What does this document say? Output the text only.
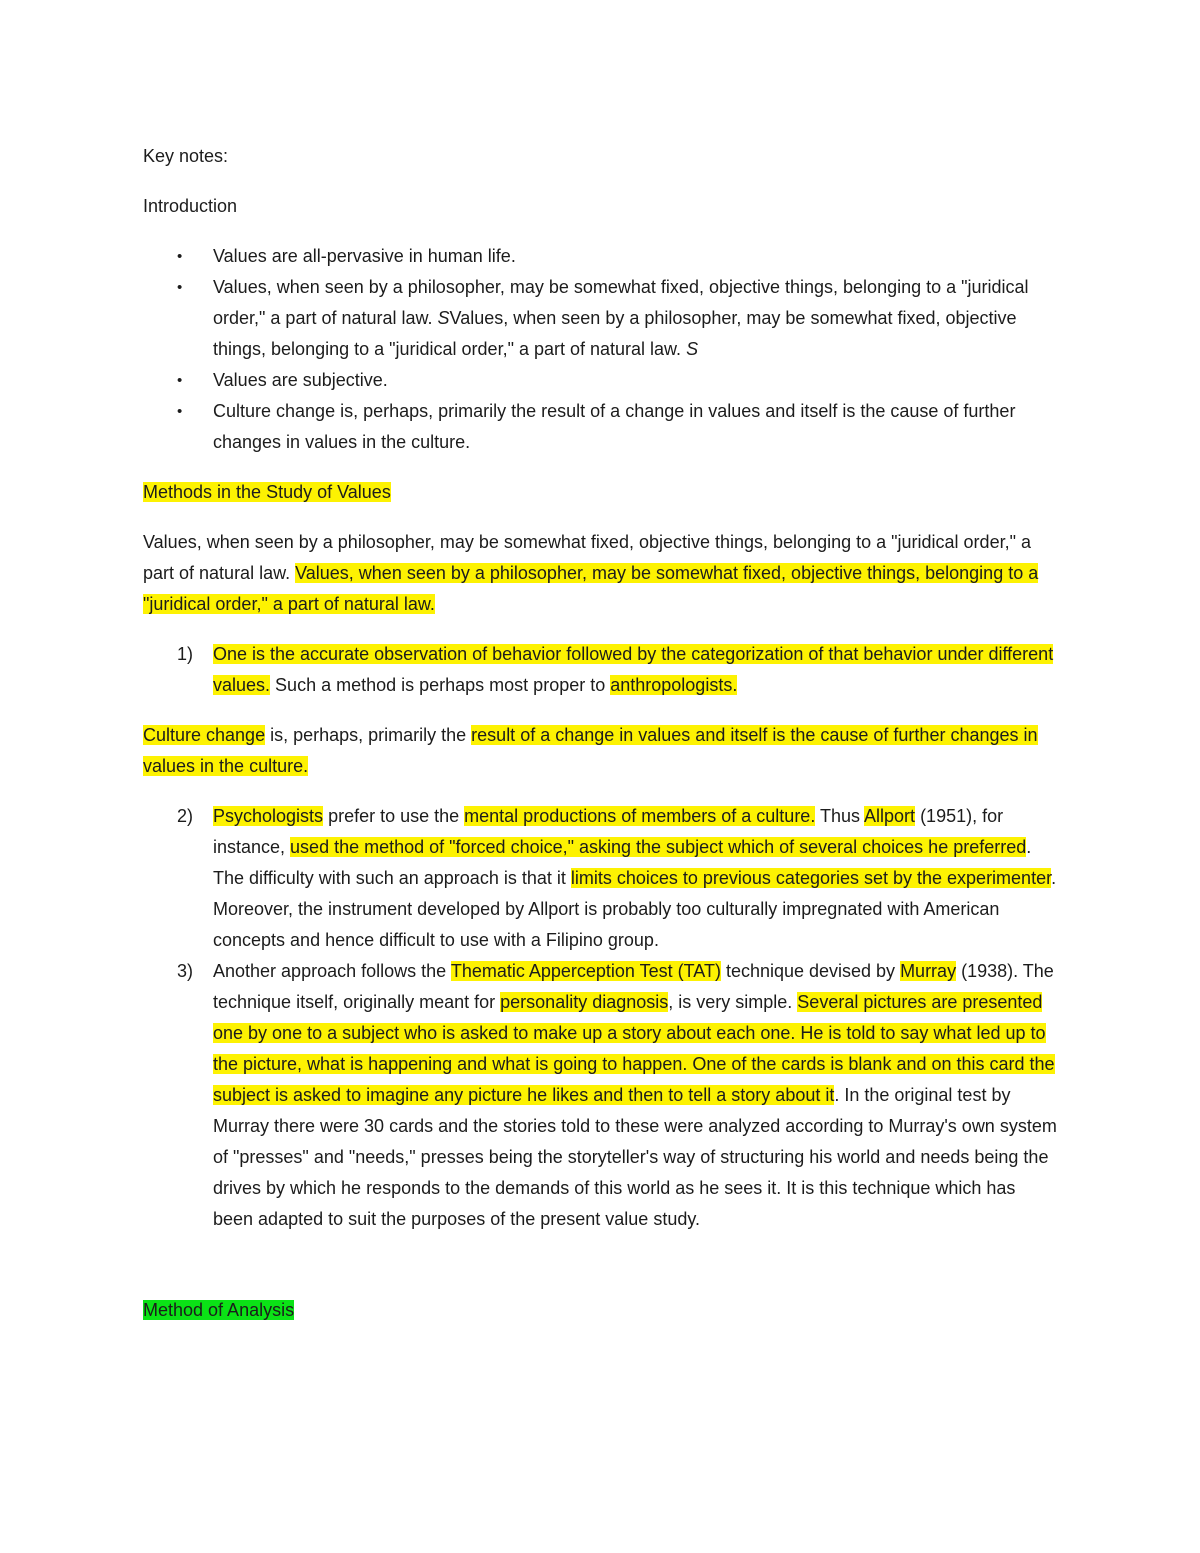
Key notes:

Introduction

• Values are all-pervasive in human life.
• Values, when seen by a philosopher, may be somewhat fixed, objective things, belonging to a "juridical order," a part of natural law. SValues, when seen by a philosopher, may be somewhat fixed, objective things, belonging to a "juridical order," a part of natural law. S
• Values are subjective.
• Culture change is, perhaps, primarily the result of a change in values and itself is the cause of further changes in values in the culture.

Methods in the Study of Values

Values, when seen by a philosopher, may be somewhat fixed, objective things, belonging to a "juridical order," a part of natural law. Values, when seen by a philosopher, may be somewhat fixed, objective things, belonging to a "juridical order," a part of natural law.

1) One is the accurate observation of behavior followed by the categorization of that behavior under different values. Such a method is perhaps most proper to anthropologists.

Culture change is, perhaps, primarily the result of a change in values and itself is the cause of further changes in values in the culture.

2) Psychologists prefer to use the mental productions of members of a culture. Thus Allport (1951), for instance, used the method of "forced choice," asking the subject which of several choices he preferred. The difficulty with such an approach is that it limits choices to previous categories set by the experimenter. Moreover, the instrument developed by Allport is probably too culturally impregnated with American concepts and hence difficult to use with a Filipino group.
3) Another approach follows the Thematic Apperception Test (TAT) technique devised by Murray (1938). The technique itself, originally meant for personality diagnosis, is very simple. Several pictures are presented one by one to a subject who is asked to make up a story about each one. He is told to say what led up to the picture, what is happening and what is going to happen. One of the cards is blank and on this card the subject is asked to imagine any picture he likes and then to tell a story about it. In the original test by Murray there were 30 cards and the stories told to these were analyzed according to Murray's own system of "presses" and "needs," presses being the storyteller's way of structuring his world and needs being the drives by which he responds to the demands of this world as he sees it. It is this technique which has been adapted to suit the purposes of the present value study.

Method of Analysis
